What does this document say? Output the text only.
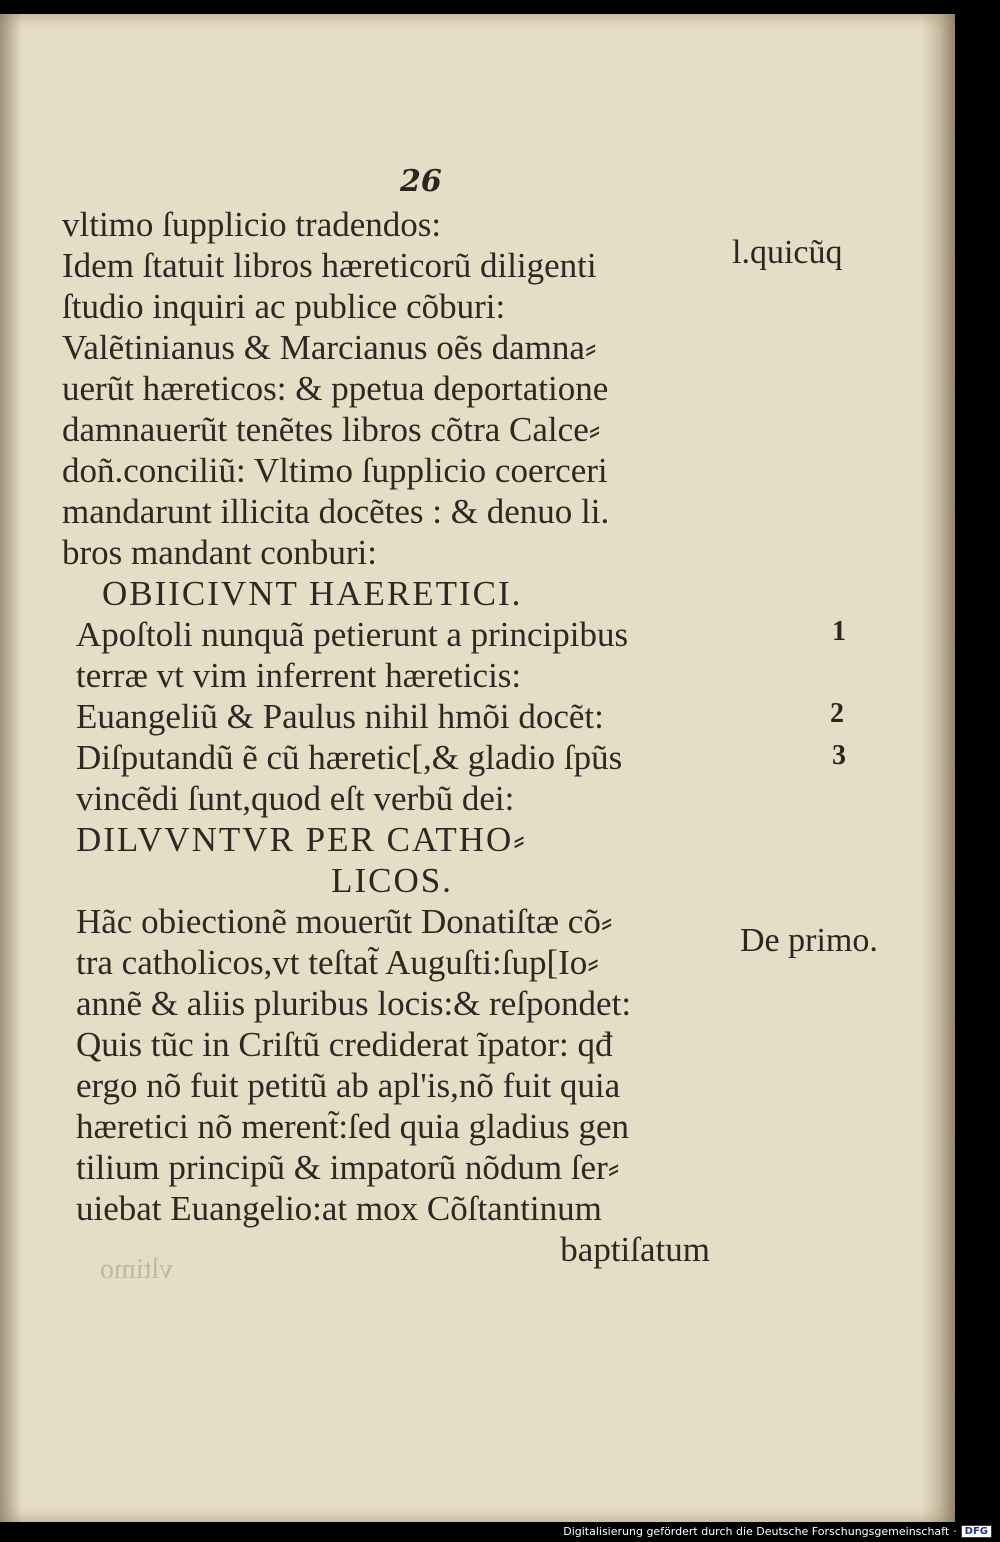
26
vltimo ſupplicio tradendos:
Idem ſtatuit libros hæreticorũ diligenti
ſtudio inquiri ac publice cõburi:
Valẽtinianus & Marcianus oẽs damna⸗
uerũt hæreticos: & ppetua deportatione
damnauerũt tenẽtes libros cõtra Calce⸗
doñ.conciliũ: Vltimo ſupplicio coerceri
mandarunt illicita docẽtes : & denuo li.
bros mandant conburi:
OBIICIVNT HAERETICI.
Apoſtoli nunquã petierunt a principibus
terræ vt vim inferrent hæreticis:
Euangeliũ & Paulus nihil hmõi docẽt:
Diſputandũ ẽ cũ hæretic[,& gladio ſpũs
vincẽdi ſunt,quod eſt verbũ dei:
DILVVNTVR PER CATHO⸗
LICOS.
Hãc obiectionẽ mouerũt Donatiſtæ cõ⸗
tra catholicos,vt teſtat̃ Auguſti:ſup[Io⸗
annẽ & aliis pluribus locis:& reſpondet:
Quis tũc in Criſtũ crediderat ĩpator: qđ
ergo nõ fuit petitũ ab apl'is,nõ fuit quia
hæretici nõ merent̃:ſed quia gladius gen
tilium principũ & impatorũ nõdum ſer⸗
uiebat Euangelio:at mox Cõſtantinum
baptiſatum
l.quicũq
De primo.
1
2
3
vltimo
Digitalisierung gefördert durch die Deutsche Forschungsgemeinschaft · DFG
